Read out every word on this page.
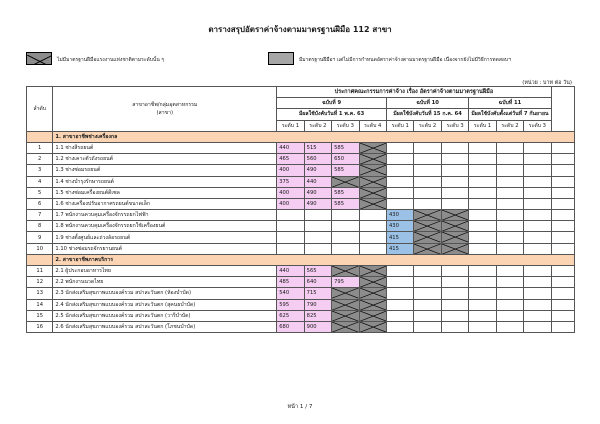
ตารางสรุปอัตราค่าจ้างตามมาตรฐานฝีมือ 112 สาขา
ไม่มีมาตรฐานฝีมือแรงงานแห่งชาติตามระดับนั้น ๆ	มีมาตรฐานฝีมือฯ แต่ไม่มีการกำหนดอัตราค่าจ้างตามมาตรฐานฝีมือ เนื่องจากยังไม่มีวิธีการทดสอบฯ
(หน่วย : บาท ต่อ วัน)
ลำดับ	สาขาอาชีพ/กลุ่มอุตสาหกรรม
(สาขา)	ประกาศคณะกรรมการค่าจ้าง เรื่อง อัตราค่าจ้างตามมาตรฐานฝีมือ										
		ฉบับที่ 9				ฉบับที่ 10			ฉบับที่ 11			
		มีผลใช้บังคับวันที่ 1 พ.ค. 63				มีผลใช้บังคับวันที่ 15 ก.ค. 64			มีผลใช้บังคับตั้งแต่วันที่ 7 กันยายน			
		ระดับ 1	ระดับ 2	ระดับ 3	ระดับ 4	ระดับ 1	ระดับ 2	ระดับ 3	ระดับ 1	ระดับ 2	ระดับ 3	
	1. สาขาอาชีพช่างเครื่องกล											
1	1.1 ช่างสีรถยนต์	440	515	585	

2	1.2 ช่างเคาะตัวถังรถยนต์	465	560	650	

3	1.3 ช่างซ่อมรถยนต์	400	490	585	

4	1.4 ช่างบำรุงรักษารถยนต์	375	440	

5	1.5 ช่างซ่อมเครื่องยนต์ดีเซล	400	490	585	

6	1.6 ช่างเครื่องปรับอากาศรถยนต์ขนาดเล็ก	400	490	585	

7	1.7 พนักงานควบคุมเครื่องจักรรถยกไฟฟ้า					430	

8	1.8 พนักงานควบคุมเครื่องจักรรถยกใช้เครื่องยนต์					430	

9	1.9 ช่างตั้งศูนย์และถ่วงล้อรถยนต์					415	

10	1.10 ช่างซ่อมรถจักรยานยนต์					415	

	2. สาขาอาชีพภาคบริการ											
11	2.1 ผู้ประกอบอาหารไทย	440	565	

12	2.2 พนักงานนวดไทย	485	640	795	

13	2.3 นักส่งเสริมสุขภาพแบบองค์รวม สปาสะวันตก (ห้องบำบัด)	540	715	

14	2.4 นักส่งเสริมสุขภาพแบบองค์รวม สปาสะวันตก (สุคนธบำบัด)	595	790	

15	2.5 นักส่งเสริมสุขภาพแบบองค์รวม สปาสะวันตก (วารีบำบัด)	625	825	

16	2.6 นักส่งเสริมสุขภาพแบบองค์รวม สปาสะวันตก (โภชนบำบัด)	680	900	

หน้า 1 / 7
